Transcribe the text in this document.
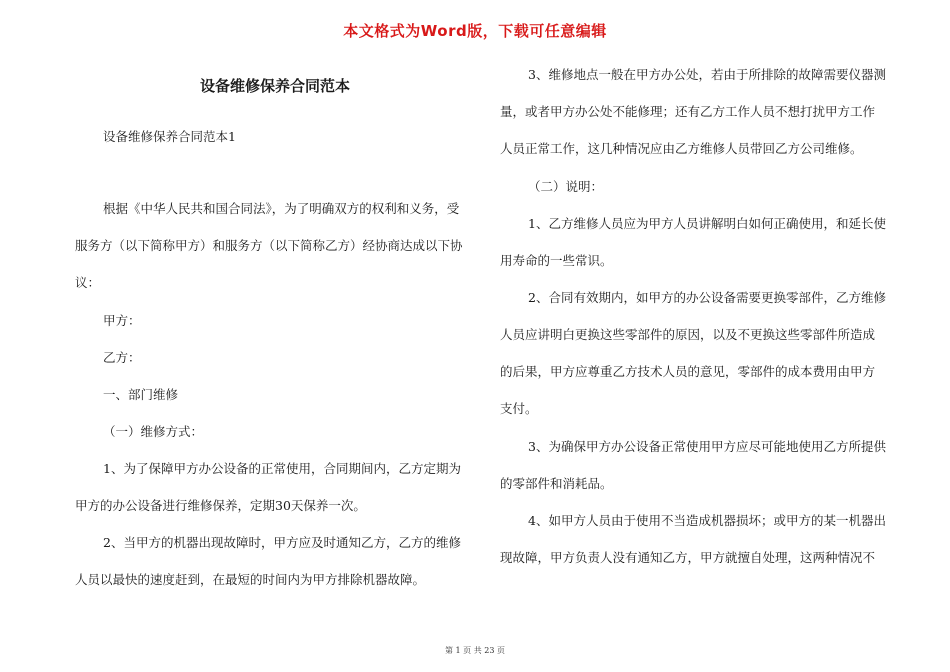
本文格式为Word版，下载可任意编辑
设备维修保养合同范本
设备维修保养合同范本1
根据《中华人民共和国合同法》，为了明确双方的权利和义务，受
服务方（以下简称甲方）和服务方（以下简称乙方）经协商达成以下协
议：
甲方：
乙方：
一、部门维修
（一）维修方式：
1、为了保障甲方办公设备的正常使用，合同期间内，乙方定期为
甲方的办公设备进行维修保养，定期30天保养一次。
2、当甲方的机器出现故障时，甲方应及时通知乙方，乙方的维修
人员以最快的速度赶到，在最短的时间内为甲方排除机器故障。
3、维修地点一般在甲方办公处，若由于所排除的故障需要仪器测
量，或者甲方办公处不能修理；还有乙方工作人员不想打扰甲方工作
人员正常工作，这几种情况应由乙方维修人员带回乙方公司维修。
（二）说明：
1、乙方维修人员应为甲方人员讲解明白如何正确使用，和延长使
用寿命的一些常识。
2、合同有效期内，如甲方的办公设备需要更换零部件，乙方维修
人员应讲明白更换这些零部件的原因，以及不更换这些零部件所造成
的后果，甲方应尊重乙方技术人员的意见，零部件的成本费用由甲方
支付。
3、为确保甲方办公设备正常使用甲方应尽可能地使用乙方所提供
的零部件和消耗品。
4、如甲方人员由于使用不当造成机器损坏；或甲方的某一机器出
现故障，甲方负责人没有通知乙方，甲方就擅自处理，这两种情况不
第 1 页 共 23 页
